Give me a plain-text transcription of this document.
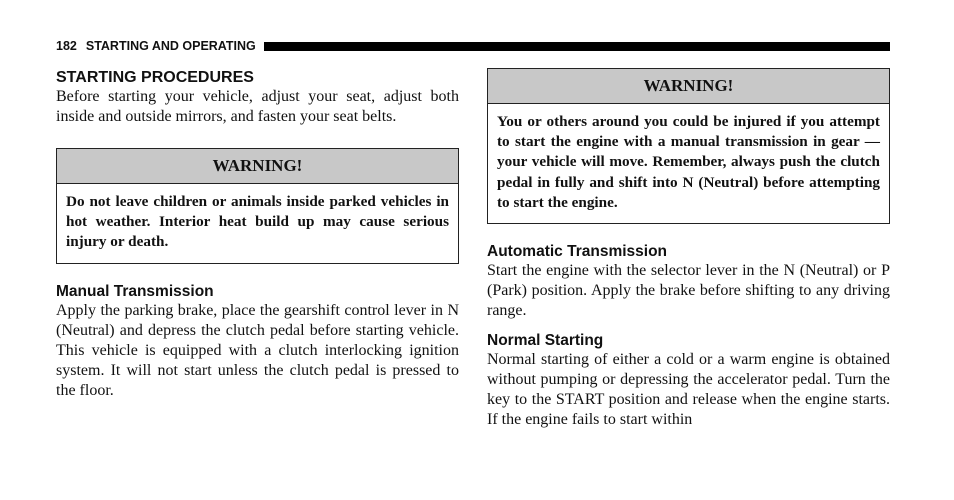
182 STARTING AND OPERATING
STARTING PROCEDURES

Before starting your vehicle, adjust your seat, adjust both inside and outside mirrors, and fasten your seat belts.

WARNING!
Do not leave children or animals inside parked vehicles in hot weather. Interior heat build up may cause serious injury or death.
Manual Transmission

Apply the parking brake, place the gearshift control lever in N (Neutral) and depress the clutch pedal before starting vehicle. This vehicle is equipped with a clutch interlocking ignition system. It will not start unless the clutch pedal is pressed to the floor.

WARNING!
You or others around you could be injured if you attempt to start the engine with a manual transmission in gear — your vehicle will move. Remember, always push the clutch pedal in fully and shift into N (Neutral) before attempting to start the engine.
Automatic Transmission

Start the engine with the selector lever in the N (Neutral) or P (Park) position. Apply the brake before shifting to any driving range.

Normal Starting

Normal starting of either a cold or a warm engine is obtained without pumping or depressing the accelerator pedal. Turn the key to the START position and release when the engine starts. If the engine fails to start within
